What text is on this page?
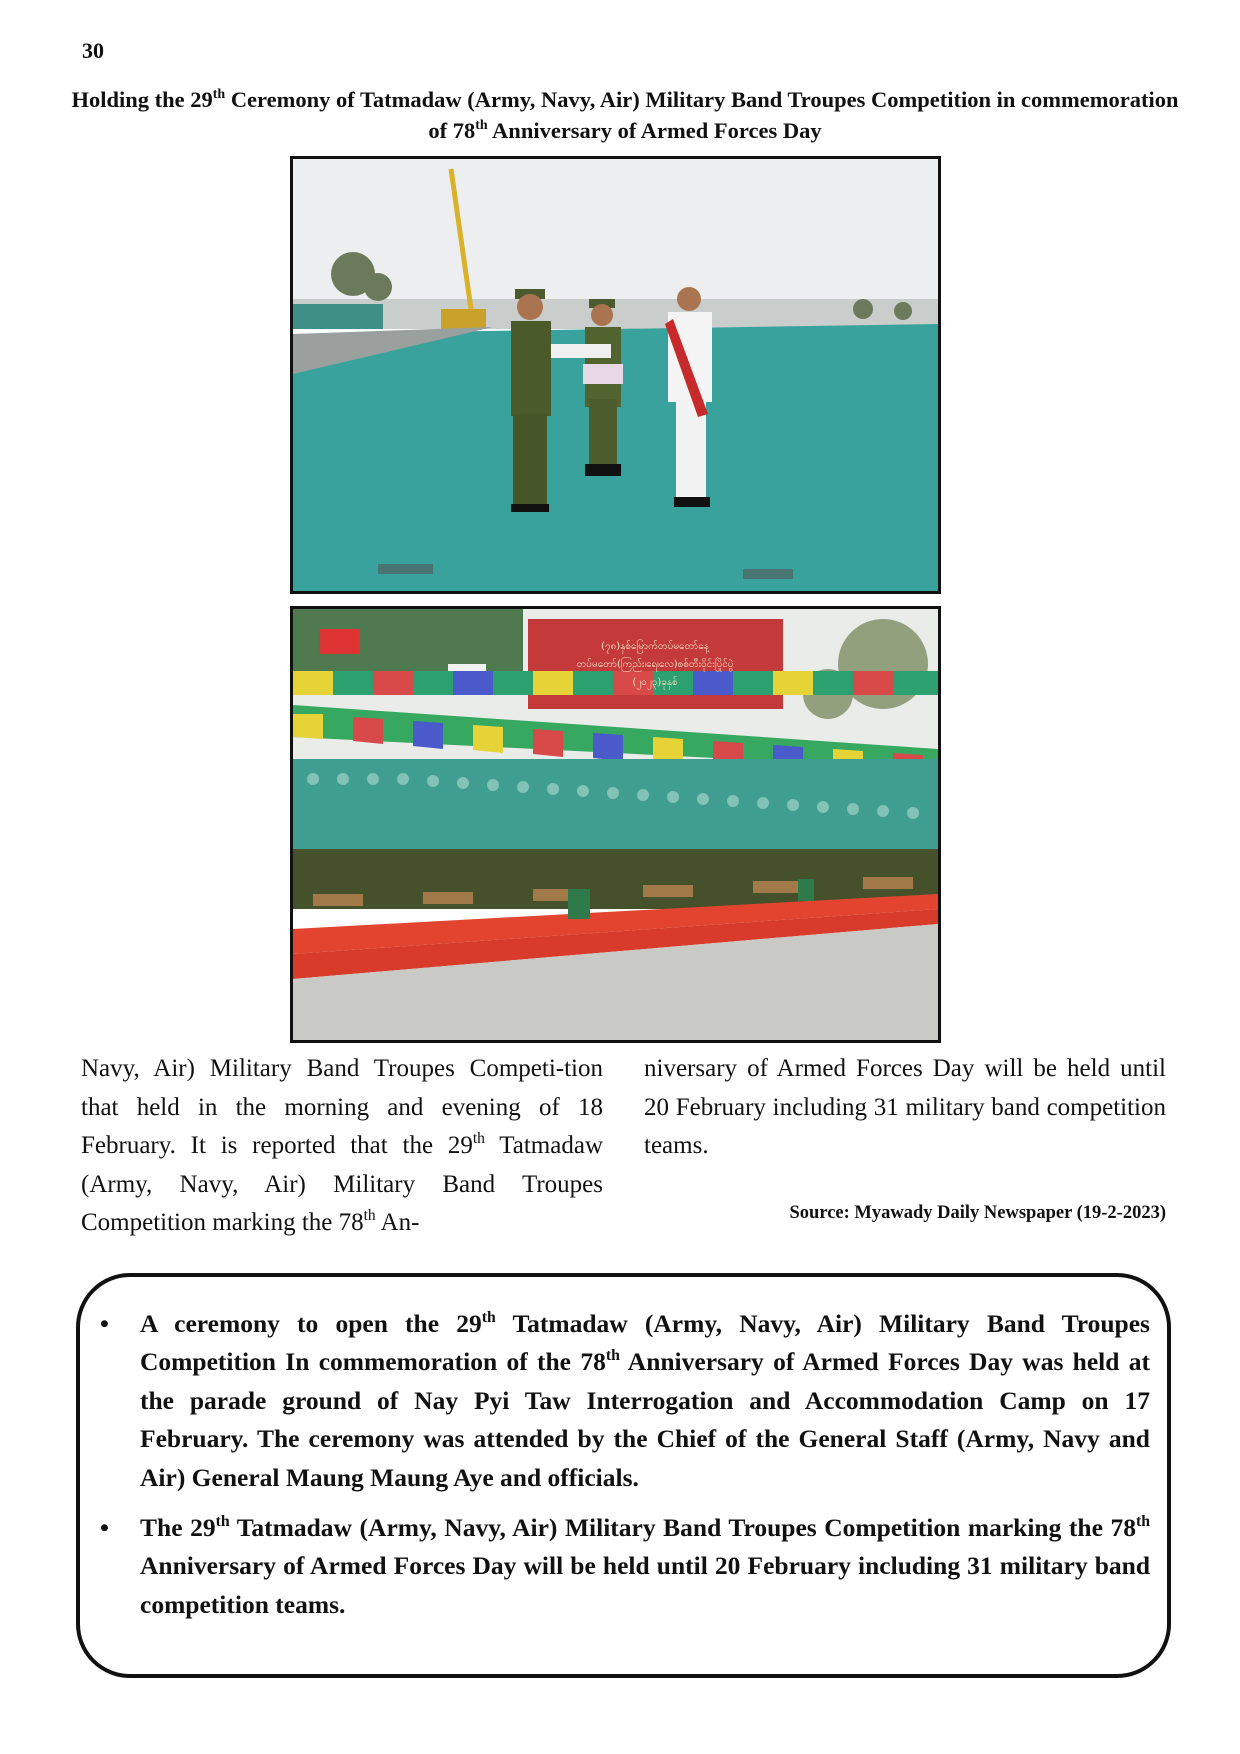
30
Holding the 29th Ceremony of Tatmadaw (Army, Navy, Air) Military Band Troupes Competition in commemoration of 78th Anniversary of Armed Forces Day
(၇၈)နှစ်မြောက်တပ်မတော်နေ့
တပ်မတော်(ကြည်း၊ရေ၊လေ)စစ်တီးဝိုင်းပြိုင်ပွဲ
(၂၀၂၃)ခုနှစ်

Navy, Air) Military Band Troupes Competi-tion that held in the morning and evening of 18 February. It is reported that the 29th Tatmadaw (Army, Navy, Air) Military Band Troupes Competition marking the 78th An-

niversary of Armed Forces Day will be held until 20 February including 31 military band competition teams.

Source: Myawady Daily Newspaper (19-2-2023)
• A ceremony to open the 29th Tatmadaw (Army, Navy, Air) Military Band Troupes Competition In commemoration of the 78th Anniversary of Armed Forces Day was held at the parade ground of Nay Pyi Taw Interrogation and Accommodation Camp on 17 February. The ceremony was attended by the Chief of the General Staff (Army, Navy and Air) General Maung Maung Aye and officials.
• The 29th Tatmadaw (Army, Navy, Air) Military Band Troupes Competition marking the 78th Anniversary of Armed Forces Day will be held until 20 February including 31 military band competition teams.
